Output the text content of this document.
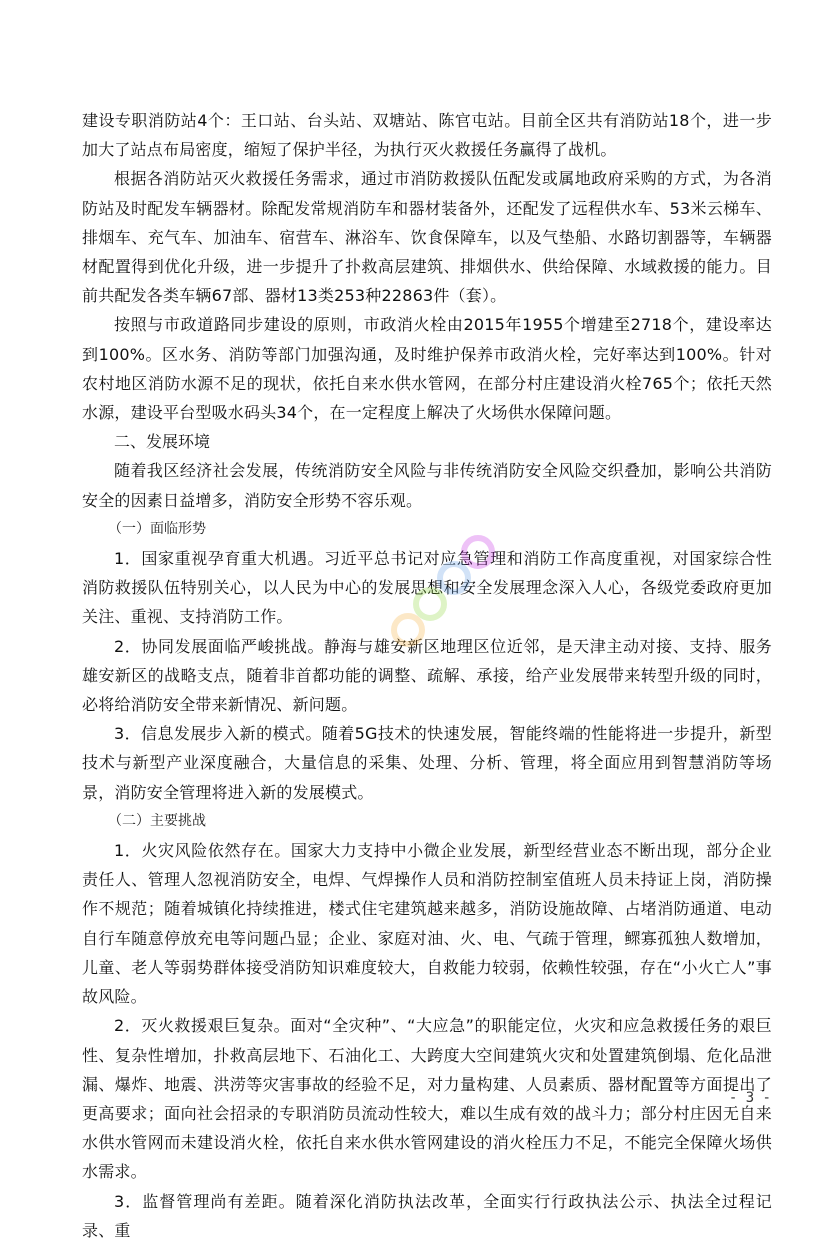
建设专职消防站4个：王口站、台头站、双塘站、陈官屯站。目前全区共有消防站18个，进一步加大了站点布局密度，缩短了保护半径，为执行灭火救援任务赢得了战机。

根据各消防站灭火救援任务需求，通过市消防救援队伍配发或属地政府采购的方式，为各消防站及时配发车辆器材。除配发常规消防车和器材装备外，还配发了远程供水车、53米云梯车、排烟车、充气车、加油车、宿营车、淋浴车、饮食保障车，以及气垫船、水路切割器等，车辆器材配置得到优化升级，进一步提升了扑救高层建筑、排烟供水、供给保障、水域救援的能力。目前共配发各类车辆67部、器材13类253种22863件（套）。

按照与市政道路同步建设的原则，市政消火栓由2015年1955个增建至2718个，建设率达到100%。区水务、消防等部门加强沟通，及时维护保养市政消火栓，完好率达到100%。针对农村地区消防水源不足的现状，依托自来水供水管网，在部分村庄建设消火栓765个；依托天然水源，建设平台型吸水码头34个，在一定程度上解决了火场供水保障问题。

二、发展环境

随着我区经济社会发展，传统消防安全风险与非传统消防安全风险交织叠加，影响公共消防安全的因素日益增多，消防安全形势不容乐观。

（一）面临形势

1．国家重视孕育重大机遇。习近平总书记对应急管理和消防工作高度重视，对国家综合性消防救援队伍特别关心，以人民为中心的发展思想和安全发展理念深入人心，各级党委政府更加关注、重视、支持消防工作。

2．协同发展面临严峻挑战。静海与雄安新区地理区位近邻，是天津主动对接、支持、服务雄安新区的战略支点，随着非首都功能的调整、疏解、承接，给产业发展带来转型升级的同时，必将给消防安全带来新情况、新问题。

3．信息发展步入新的模式。随着5G技术的快速发展，智能终端的性能将进一步提升，新型技术与新型产业深度融合，大量信息的采集、处理、分析、管理，将全面应用到智慧消防等场景，消防安全管理将进入新的发展模式。

（二）主要挑战

1．火灾风险依然存在。国家大力支持中小微企业发展，新型经营业态不断出现，部分企业责任人、管理人忽视消防安全，电焊、气焊操作人员和消防控制室值班人员未持证上岗，消防操作不规范；随着城镇化持续推进，楼式住宅建筑越来越多，消防设施故障、占堵消防通道、电动自行车随意停放充电等问题凸显；企业、家庭对油、火、电、气疏于管理，鳏寡孤独人数增加，儿童、老人等弱势群体接受消防知识难度较大，自救能力较弱，依赖性较强，存在“小火亡人”事故风险。

2．灭火救援艰巨复杂。面对“全灾种”、“大应急”的职能定位，火灾和应急救援任务的艰巨性、复杂性增加，扑救高层地下、石油化工、大跨度大空间建筑火灾和处置建筑倒塌、危化品泄漏、爆炸、地震、洪涝等灾害事故的经验不足，对力量构建、人员素质、器材配置等方面提出了更高要求；面向社会招录的专职消防员流动性较大，难以生成有效的战斗力；部分村庄因无自来水供水管网而未建设消火栓，依托自来水供水管网建设的消火栓压力不足，不能完全保障火场供水需求。

3．监督管理尚有差距。随着深化消防执法改革，全面实行行政执法公示、执法全过程记录、重

- 3 -
